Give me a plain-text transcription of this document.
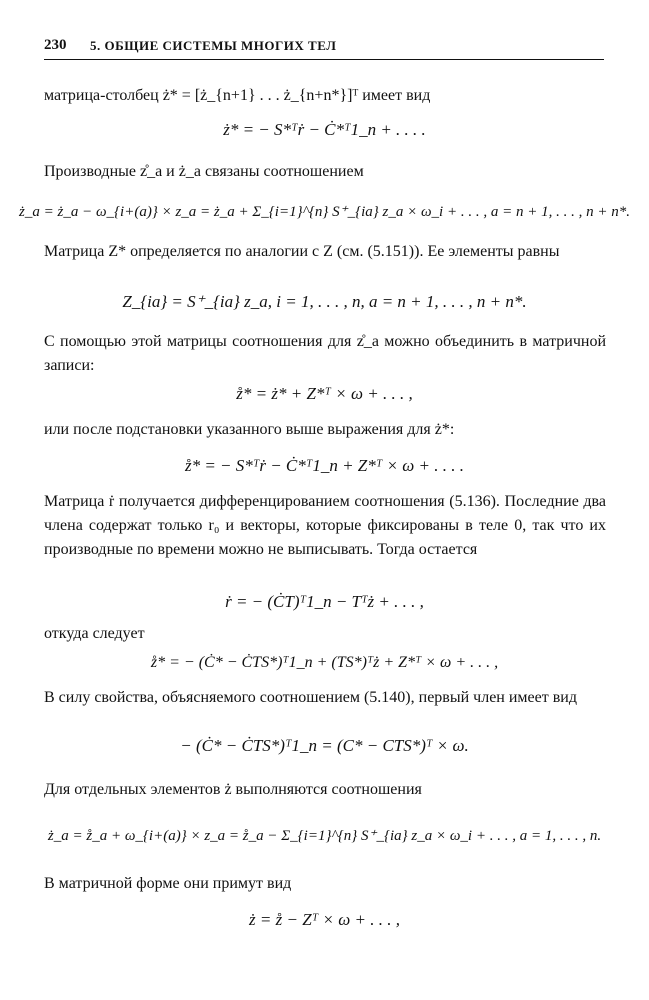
230 5. ОБЩИЕ СИСТЕМЫ МНОГИХ ТЕЛ
матрица-столбец ż* = [ż_{n+1} . . . ż_{n+n*}]ᵀ имеет вид
ż* = − S*ᵀṙ − Ċ*ᵀ1_n + . . . .
Производные z̊_a и ż_a связаны соотношением
ż_a = ż_a − ω_{i+(a)} × z_a = ż_a + Σ_{i=1}^{n} S⁺_{ia} z_a × ω_i + . . . , a = n + 1, . . . , n + n*.
Матрица Z* определяется по аналогии с Z (см. (5.151)). Ее элементы равны
Z_{ia} = S⁺_{ia} z_a, i = 1, . . . , n, a = n + 1, . . . , n + n*.
С помощью этой матрицы соотношения для z̊_a можно объединить в матричной записи:
z̊* = ż* + Z*ᵀ × ω + . . . ,
или после подстановки указанного выше выражения для ż*:
z̊* = − S*ᵀṙ − Ċ*ᵀ1_n + Z*ᵀ × ω + . . . .
Матрица ṙ получается дифференцированием соотношения (5.136). Последние два члена содержат только r₀ и векторы, которые фиксированы в теле 0, так что их производные по времени можно не выписывать. Тогда остается
ṙ = − (ĊT)ᵀ1_n − Tᵀż + . . . ,
откуда следует
z̊* = − (Ċ* − ĊTS*)ᵀ1_n + (TS*)ᵀż + Z*ᵀ × ω + . . . ,
В силу свойства, объясняемого соотношением (5.140), первый член имеет вид
− (Ċ* − ĊTS*)ᵀ1_n = (C* − CTS*)ᵀ × ω.
Для отдельных элементов ż выполняются соотношения
ż_a = z̊_a + ω_{i+(a)} × z_a = z̊_a − Σ_{i=1}^{n} S⁺_{ia} z_a × ω_i + . . . , a = 1, . . . , n.
В матричной форме они примут вид
ż = z̊ − Zᵀ × ω + . . . ,
